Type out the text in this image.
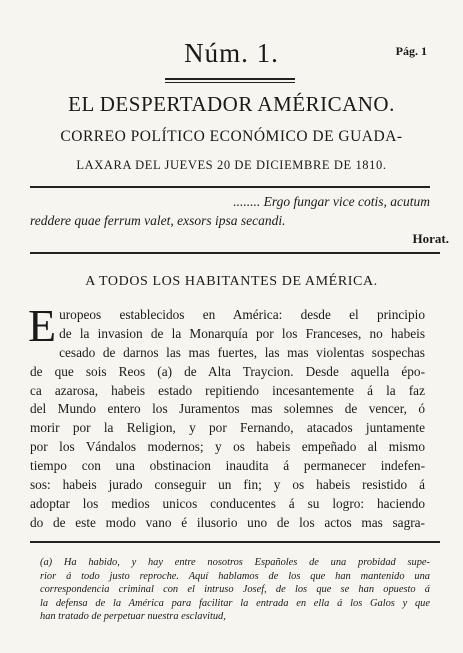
Núm. 1.	Pág. 1
EL DESPERTADOR AMÉRICANO.
CORREO POLÍTICO ECONÓMICO DE GUADA-
LAXARA DEL JUEVES 20 DE DICIEMBRE DE 1810.
........ Ergo fungar vice cotis, acutum
reddere quae ferrum valet, exsors ipsa secandi.
Horat.
A TODOS LOS HABITANTES DE AMÉRICA.
E uropeos establecidos en América: desde el principio
de la invasion de la Monarquía por los Franceses, no habeis
cesado de darnos las mas fuertes, las mas violentas sospechas
de que sois Reos (a) de Alta Traycion. Desde aquella épo-
ca azarosa, habeis estado repitiendo incesantemente á la faz
del Mundo entero los Juramentos mas solemnes de vencer, ó
morir por la Religion, y por Fernando, atacados juntamente
por los Vándalos modernos; y os habeis empeñado al mismo
tiempo con una obstinacion inaudita á permanecer indefen-
sos: habeis jurado conseguir un fin; y os habeis resistido á
adoptar los medios unicos conducentes á su logro: haciendo
do de este modo vano é ilusorio uno de los actos mas sagra-
(a) Ha habido, y hay entre nosotros Españoles de una probidad supe-
rior á todo justo reproche. Aquí hablamos de los que han mantenido una
correspondencia criminal con el intruso Josef, de los que se han opuesto á
la defensa de la América para facilitar la entrada en ella á los Galos y que
han tratado de perpetuar nuestra esclavitud,
